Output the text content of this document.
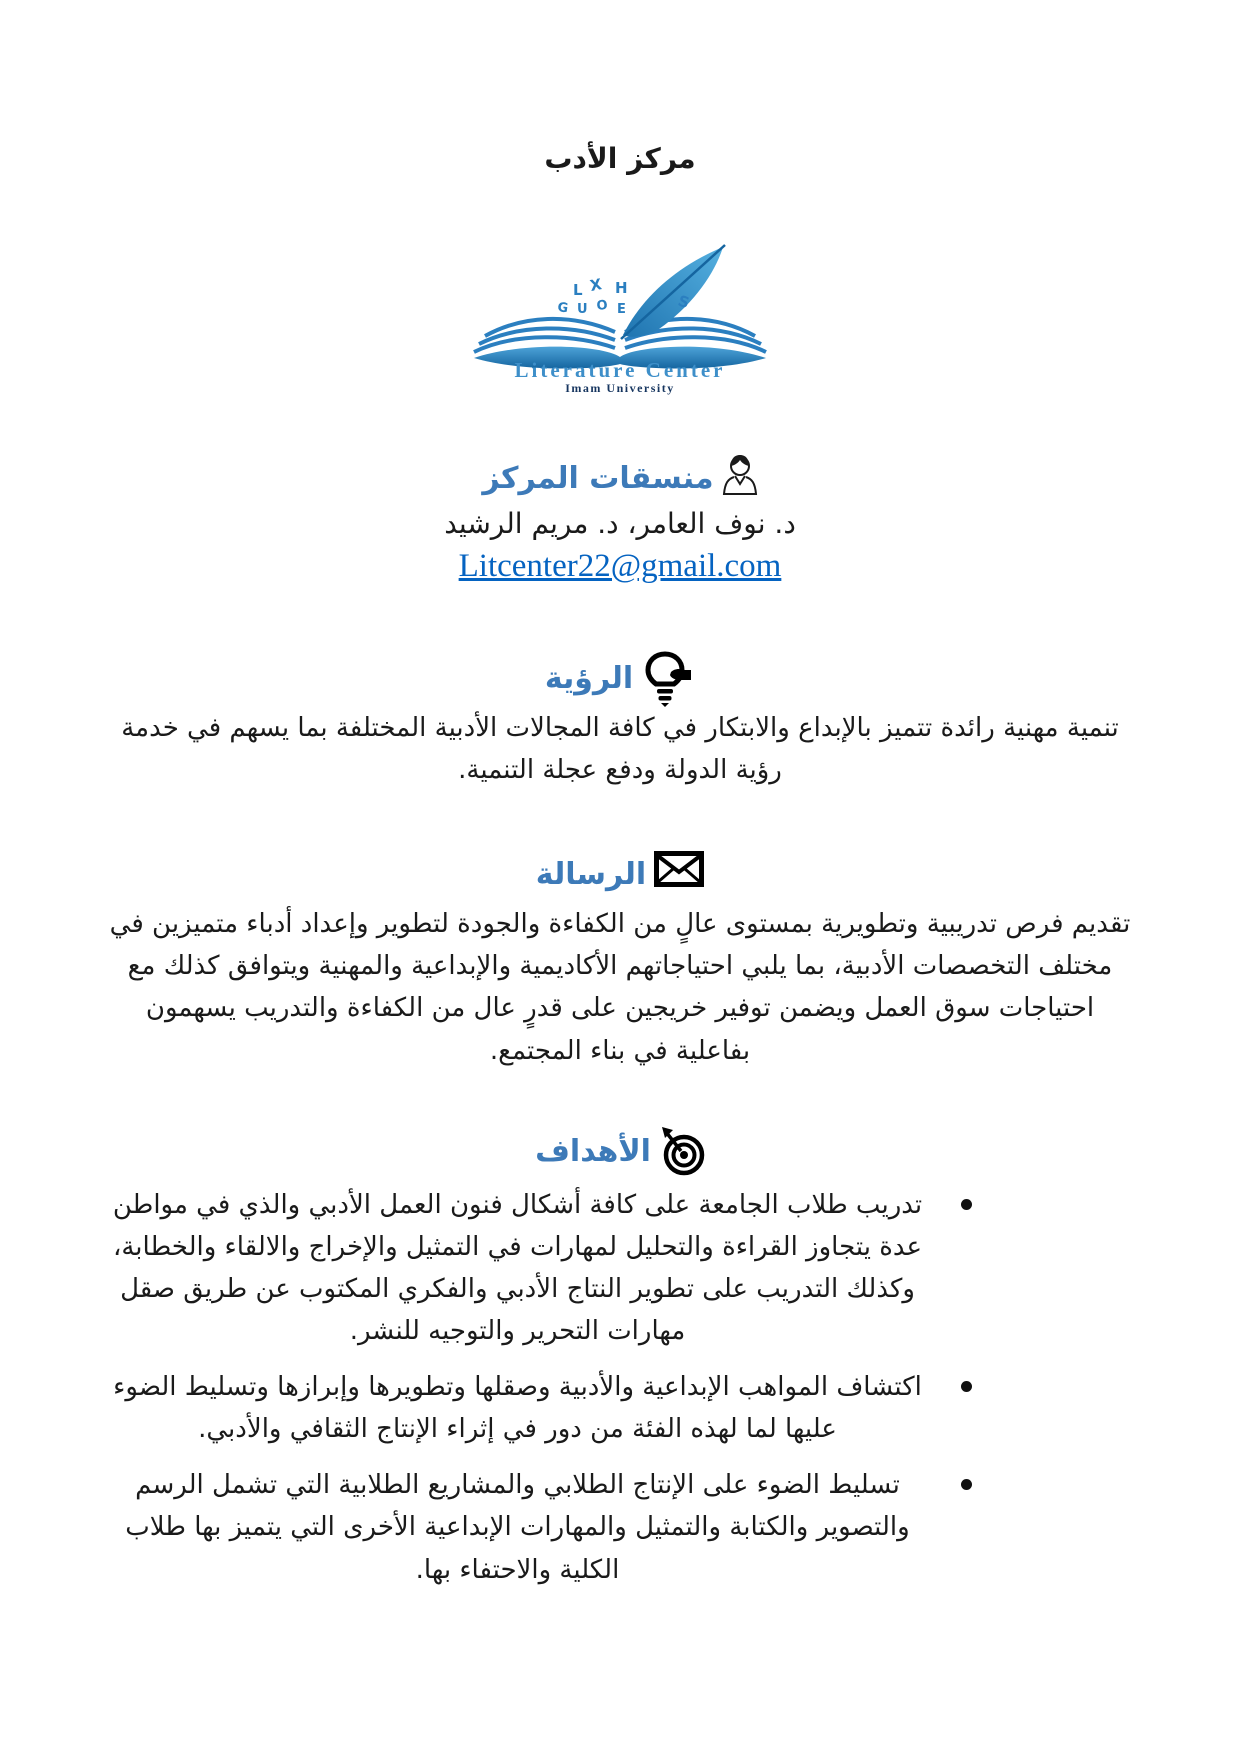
مركز الأدب
L X H
G U O E	S
Literature Center
Imam University
منسقات المركز
د. نوف العامر، د. مريم الرشيد
Litcenter22@gmail.com
الرؤية

تنمية مهنية رائدة تتميز بالإبداع والابتكار في كافة المجالات الأدبية المختلفة بما يسهم في خدمة رؤية الدولة ودفع عجلة التنمية.

الرسالة

تقديم فرص تدريبية وتطويرية بمستوى عالٍ من الكفاءة والجودة لتطوير وإعداد أدباء متميزين في مختلف التخصصات الأدبية، بما يلبي احتياجاتهم الأكاديمية والإبداعية والمهنية ويتوافق كذلك مع احتياجات سوق العمل ويضمن توفير خريجين على قدرٍ عال من الكفاءة والتدريب يسهمون بفاعلية في بناء المجتمع.

الأهداف
تدريب طلاب الجامعة على كافة أشكال فنون العمل الأدبي والذي في مواطن عدة يتجاوز القراءة والتحليل لمهارات في التمثيل والإخراج والالقاء والخطابة، وكذلك التدريب على تطوير النتاج الأدبي والفكري المكتوب عن طريق صقل مهارات التحرير والتوجيه للنشر.
اكتشاف المواهب الإبداعية والأدبية وصقلها وتطويرها وإبرازها وتسليط الضوء عليها لما لهذه الفئة من دور في إثراء الإنتاج الثقافي والأدبي.
تسليط الضوء على الإنتاج الطلابي والمشاريع الطلابية التي تشمل الرسم والتصوير والكتابة والتمثيل والمهارات الإبداعية الأخرى التي يتميز بها طلاب الكلية والاحتفاء بها.
